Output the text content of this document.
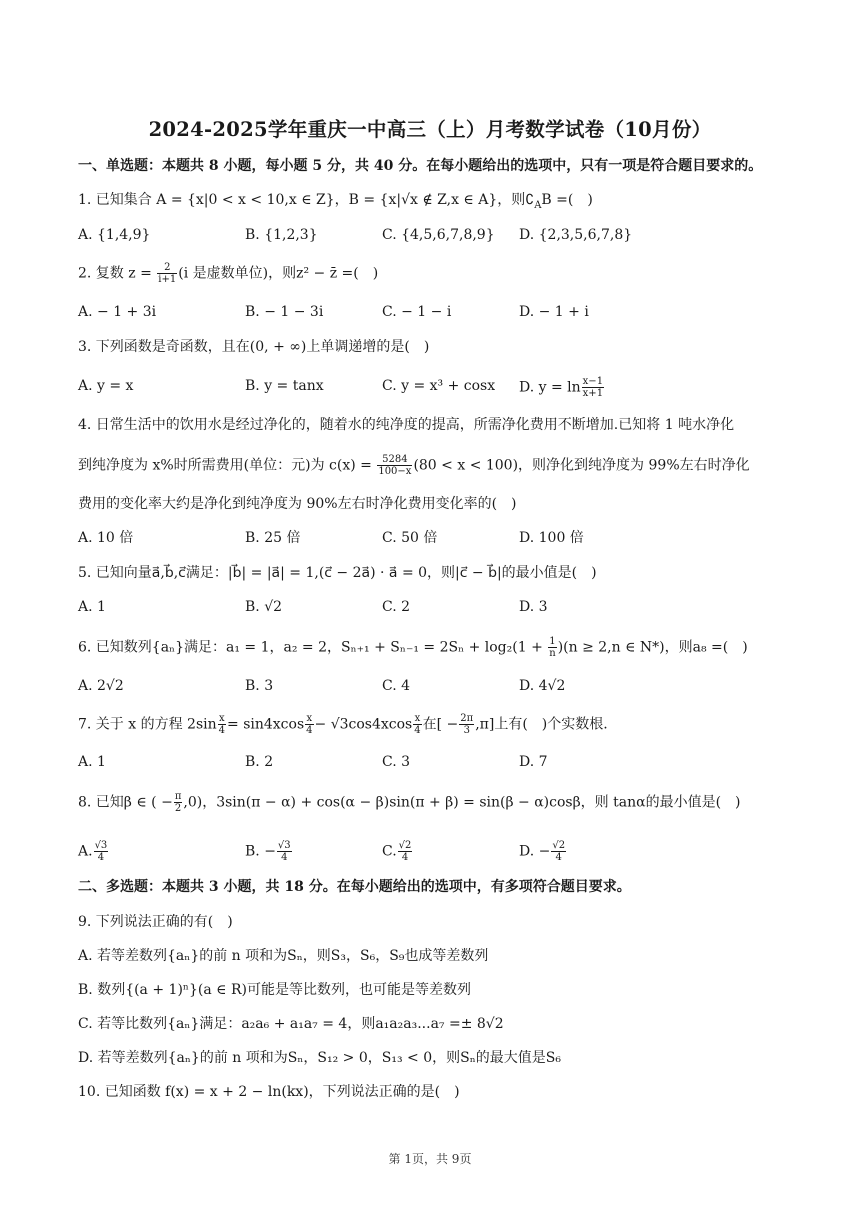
2024-2025学年重庆一中高三（上）月考数学试卷（10月份）
一、单选题：本题共 8 小题，每小题 5 分，共 40 分。在每小题给出的选项中，只有一项是符合题目要求的。
1. 已知集合 A = {x|0 < x < 10,x ∈ Z}，B = {x|√x ∉ Z,x ∈ A}，则$∁_AB$ =(　)
A. {1,4,9}	B. {1,2,3}	C. {4,5,6,7,8,9} D. {2,3,5,6,7,8}
2. 复数 $z = \frac{2}{i+1} (i$ 是虚数单位)，则z² − z̄ =(　)
A. − 1 + 3i	B. − 1 − 3i	C. − 1 − i	D. − 1 + i
3. 下列函数是奇函数，且在(0, + ∞)上单调递增的是(　)
A. y = x	B. y = tanx	C. y = x³ + cosx D. $y = \ln \frac{x-1}{x+1}$
4. 日常生活中的饮用水是经过净化的，随着水的纯净度的提高，所需净化费用不断增加.已知将 1 吨水净化
到纯净度为 x%时所需费用(单位：元)为 $c(x) = \frac{5284}{100-x} (80 < x < 100)$，则净化到纯净度为 99%左右时净化
费用的变化率大约是净化到纯净度为 90%左右时净化费用变化率的(　)
A. 10 倍	B. 25 倍	C. 50 倍	D. 100 倍
5. 已知向量a⃗,b⃗,c⃗满足：|b⃗| = |a⃗| = 1,(c⃗ − 2a⃗) · a⃗ = 0，则|c⃗ − b⃗|的最小值是(　)
A. 1	B. √2	C. 2	D. 3
6. 已知数列{aₙ}满足：a₁ = 1，a₂ = 2，$S_{n+1} + S_{n-1} = 2S_n + \log_2(1 + \frac{1}{n} )(n \ge 2,n$ ∈ N*)，则a₈ =(　)
A. 2√2	B. 3	C. 4	D. 4√2
7. 关于 x 的方程 $2\sin \frac{x}{4} = \sin 4xcos \frac{x}{4} - √3\cos 4xcos \frac{x}{4}$ 在[ − $\frac{2\pi}{3} ,\pi$]上有(　)个实数根.
A. 1	B. 2	C. 3	D. 7
8. 已知β ∈ ( − $\frac{\pi}{2} ,0$)，3sin(π − α) + cos(α − β)sin(π + β) = sin(β − α)cosβ，则 tanα的最小值是(　)
A. $\frac{√3}{4}$	B. − $\frac{√3}{4}$	C. $\frac{√2}{4}$	D. − $\frac{√2}{4}$
二、多选题：本题共 3 小题，共 18 分。在每小题给出的选项中，有多项符合题目要求。
9. 下列说法正确的有(　)
A. 若等差数列{aₙ}的前 n 项和为Sₙ，则S₃，S₆，S₉也成等差数列
B. 数列{(a + 1)ⁿ}(a ∈ R)可能是等比数列，也可能是等差数列
C. 若等比数列{aₙ}满足：a₂a₆ + a₁a₇ = 4，则a₁a₂a₃...a₇ =± 8√2
D. 若等差数列{aₙ}的前 n 项和为Sₙ，S₁₂ > 0，S₁₃ < 0，则Sₙ的最大值是S₆
10. 已知函数 f(x) = x + 2 − ln(kx)，下列说法正确的是(　)
第 1页，共 9页
